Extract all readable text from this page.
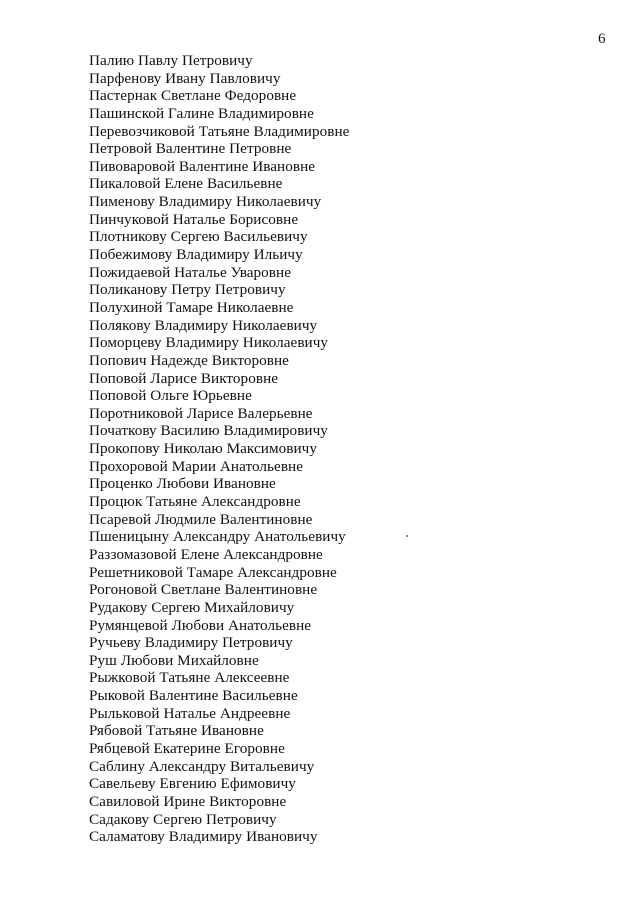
6
Палию Павлу Петровичу
Парфенову Ивану Павловичу
Пастернак Светлане Федоровне
Пашинской Галине Владимировне
Перевозчиковой Татьяне Владимировне
Петровой Валентине Петровне
Пивоваровой Валентине Ивановне
Пикаловой Елене Васильевне
Пименову Владимиру Николаевичу
Пинчуковой Наталье Борисовне
Плотникову Сергею Васильевичу
Побежимову Владимиру Ильичу
Пожидаевой Наталье Уваровне
Поликанову Петру Петровичу
Полухиной Тамаре Николаевне
Полякову Владимиру Николаевичу
Поморцеву Владимиру Николаевичу
Попович Надежде Викторовне
Поповой Ларисе Викторовне
Поповой Ольге Юрьевне
Поротниковой Ларисе Валерьевне
Початкову Василию Владимировичу
Прокопову Николаю Максимовичу
Прохоровой Марии Анатольевне
Проценко Любови Ивановне
Процюк Татьяне Александровне
Псаревой Людмиле Валентиновне
Пшеницыну Александру Анатольевичу
Раззомазовой Елене Александровне
Решетниковой Тамаре Александровне
Рогоновой Светлане Валентиновне
Рудакову Сергею Михайловичу
Румянцевой Любови Анатольевне
Ручьеву Владимиру Петровичу
Руш Любови Михайловне
Рыжковой Татьяне Алексеевне
Рыковой Валентине Васильевне
Рыльковой Наталье Андреевне
Рябовой Татьяне Ивановне
Рябцевой Екатерине Егоровне
Саблину Александру Витальевичу
Савельеву Евгению Ефимовичу
Савиловой Ирине Викторовне
Садакову Сергею Петровичу
Саламатову Владимиру Ивановичу
